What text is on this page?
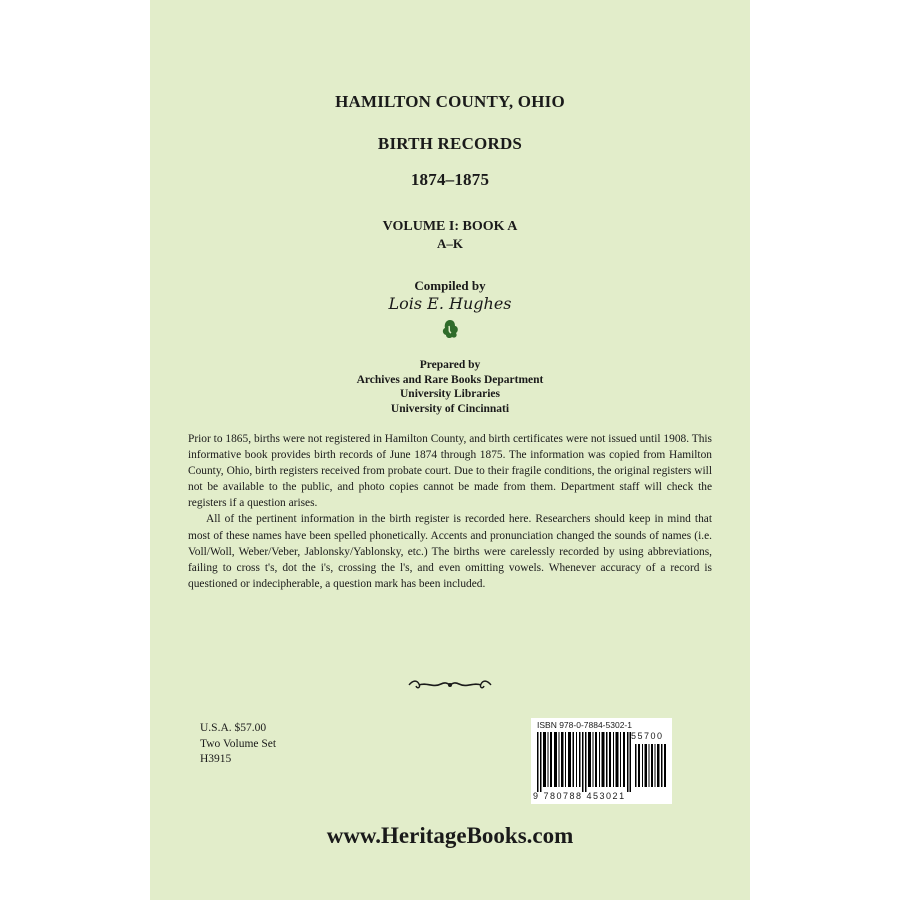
HAMILTON COUNTY, OHIO
BIRTH RECORDS
1874–1875
VOLUME I: BOOK A
A–K
Compiled by
Lois E. Hughes
Prepared by
Archives and Rare Books Department
University Libraries
University of Cincinnati

Prior to 1865, births were not registered in Hamilton County, and birth certificates were not issued until 1908. This informative book provides birth records of June 1874 through 1875. The information was copied from Hamilton County, Ohio, birth registers received from probate court. Due to their fragile conditions, the original registers will not be available to the public, and photo copies cannot be made from them. Department staff will check the registers if a question arises.

All of the pertinent information in the birth register is recorded here. Researchers should keep in mind that most of these names have been spelled phonetically. Accents and pronunciation changed the sounds of names (i.e. Voll/Woll, Weber/Veber, Jablonsky/Yablonsky, etc.) The births were carelessly recorded by using abbreviations, failing to cross t's, dot the i's, crossing the l's, and even omitting vowels. Whenever accuracy of a record is questioned or indecipherable, a question mark has been included.

U.S.A. $57.00
Two Volume Set
H3915
ISBN 978-0-7884-5302-1
55700
9 780788 453021
www.HeritageBooks.com
